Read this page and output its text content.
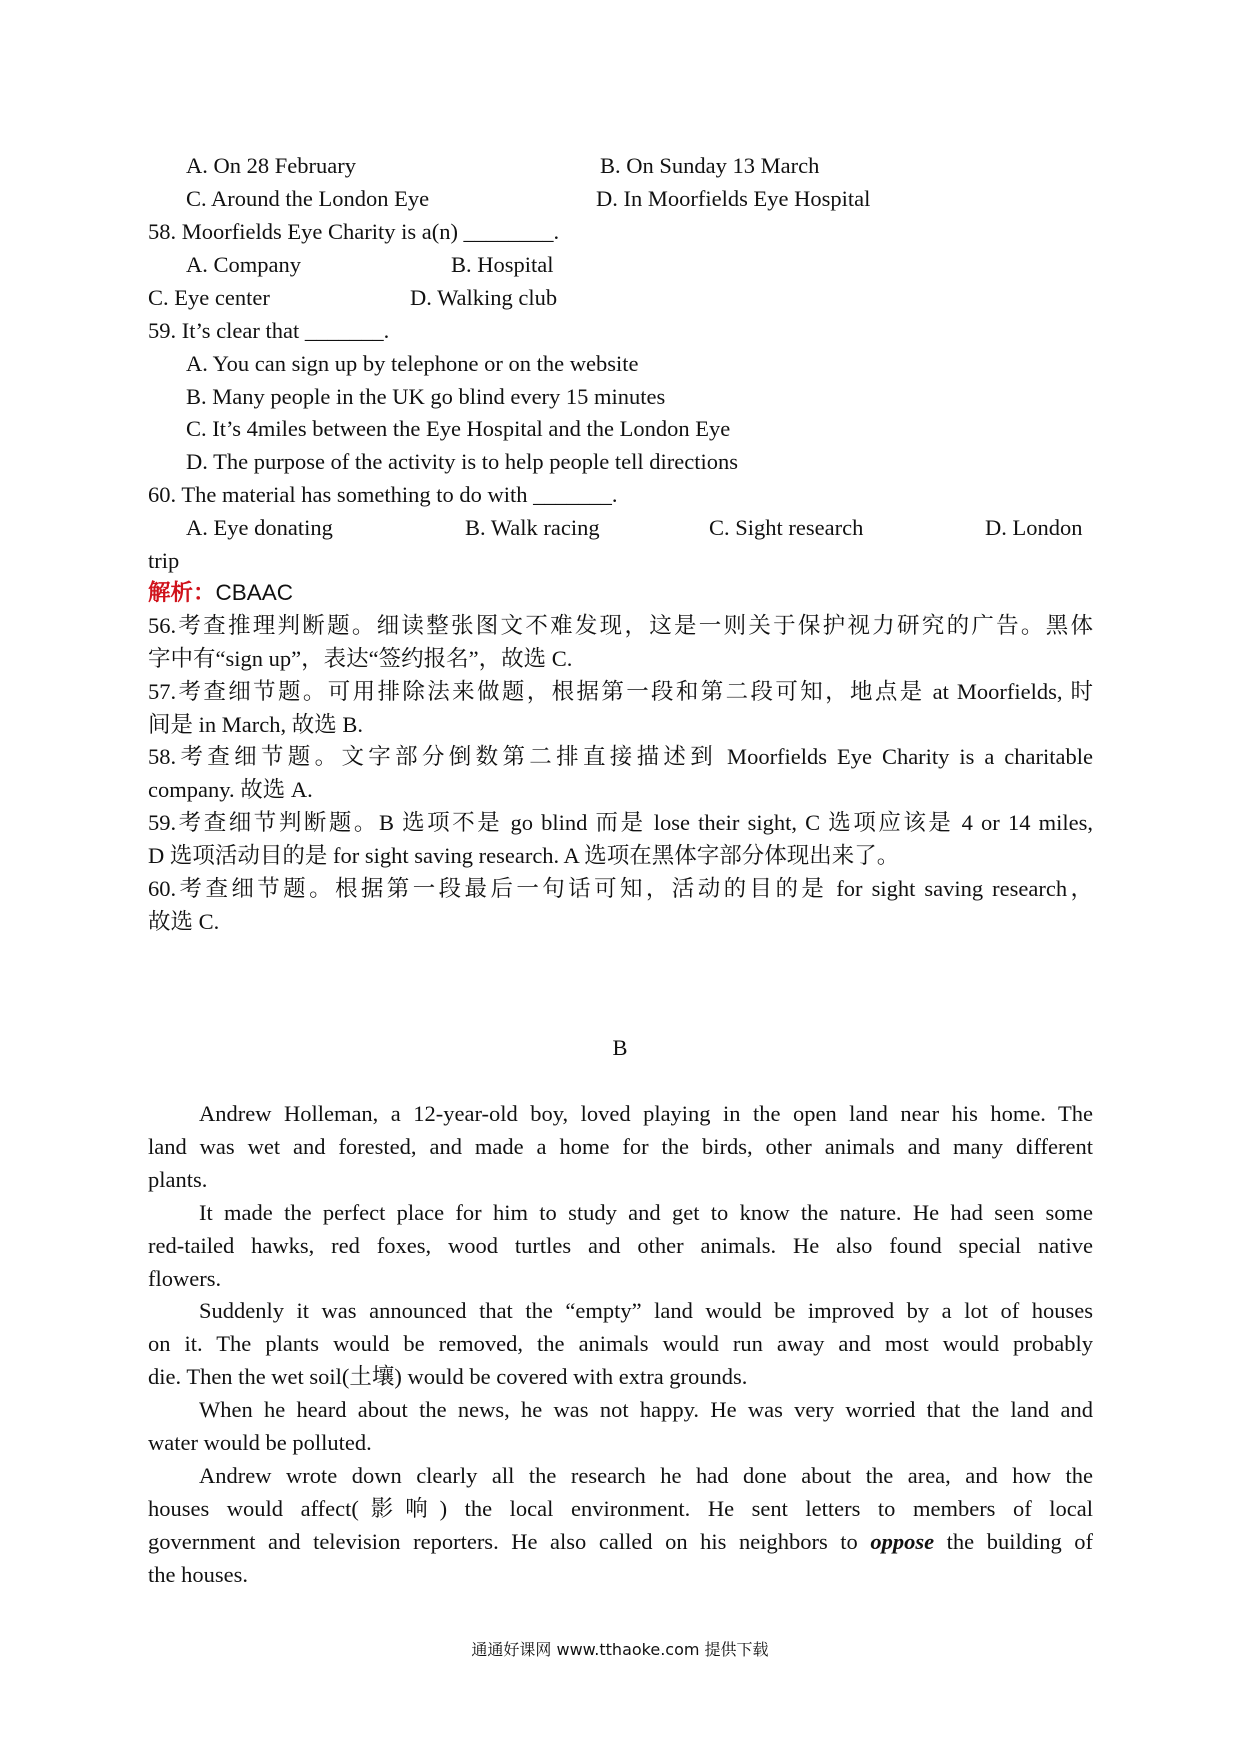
A. On 28 February	B. On Sunday 13 March
C. Around the London Eye	D. In Moorfields Eye Hospital
58. Moorfields Eye Charity is a(n) ________.
A. Company	B. Hospital
C. Eye center	D. Walking club
59. It’s clear that _______.
A. You can sign up by telephone or on the website
B. Many people in the UK go blind every 15 minutes
C. It’s 4miles between the Eye Hospital and the London Eye
D. The purpose of the activity is to help people tell directions
60. The material has something to do with _______.
A. Eye donating	B. Walk racing	C. Sight research	D. London
trip
解析：CBAAC
56.考查推理判断题。细读整张图文不难发现，这是一则关于保护视力研究的广告。黑体
字中有“sign up”，表达“签约报名”，故选 C.
57.考查细节题。可用排除法来做题，根据第一段和第二段可知，地点是 at Moorfields, 时
间是 in March, 故选 B.
58.考查细节题。文字部分倒数第二排直接描述到 Moorfields Eye Charity is a charitable
company. 故选 A.
59.考查细节判断题。B 选项不是 go blind 而是 lose their sight, C 选项应该是 4 or 14 miles,
D 选项活动目的是 for sight saving research. A 选项在黑体字部分体现出来了。
60.考查细节题。根据第一段最后一句话可知，活动的目的是 for sight saving research，
故选 C.
B
Andrew Holleman, a 12-year-old boy, loved playing in the open land near his home. The
land was wet and forested, and made a home for the birds, other animals and many different
plants.
It made the perfect place for him to study and get to know the nature. He had seen some
red-tailed hawks, red foxes, wood turtles and other animals. He also found special native
flowers.
Suddenly it was announced that the “empty” land would be improved by a lot of houses
on it. The plants would be removed, the animals would run away and most would probably
die. Then the wet soil(土壤) would be covered with extra grounds.
When he heard about the news, he was not happy. He was very worried that the land and
water would be polluted.
Andrew wrote down clearly all the research he had done about the area, and how the
houses would affect(影响) the local environment. He sent letters to members of local
government and television reporters. He also called on his neighbors to oppose the building of
the houses.
通通好课网 www.tthaoke.com 提供下载
